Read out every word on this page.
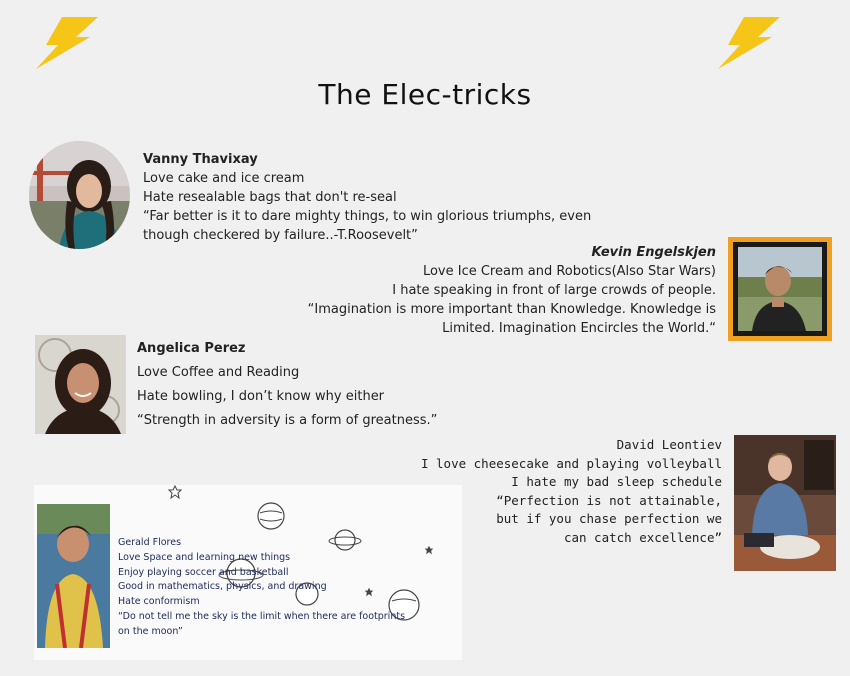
The Elec-tricks
Vanny Thavixay
Love cake and ice cream
Hate resealable bags that don't re-seal
“Far better is it to dare mighty things, to win glorious triumphs, even
though checkered by failure..-T.Roosevelt”
Kevin Engelskjen
Love Ice Cream and Robotics(Also Star Wars)
I hate speaking in front of large crowds of people.
“Imagination is more important than Knowledge. Knowledge is
Limited. Imagination Encircles the World.“
Angelica Perez
Love Coffee and Reading
Hate bowling, I don’t know why either
“Strength in adversity is a form of greatness.”
David Leontiev
I love cheesecake and playing volleyball
I hate my bad sleep schedule
“Perfection is not attainable,
but if you chase perfection we
can catch excellence”
Gerald Flores
Love Space and learning new things
Enjoy playing soccer and basketball
Good in mathematics, physics, and drawing
Hate conformism
“Do not tell me the sky is the limit when there are footprints
on the moon”
